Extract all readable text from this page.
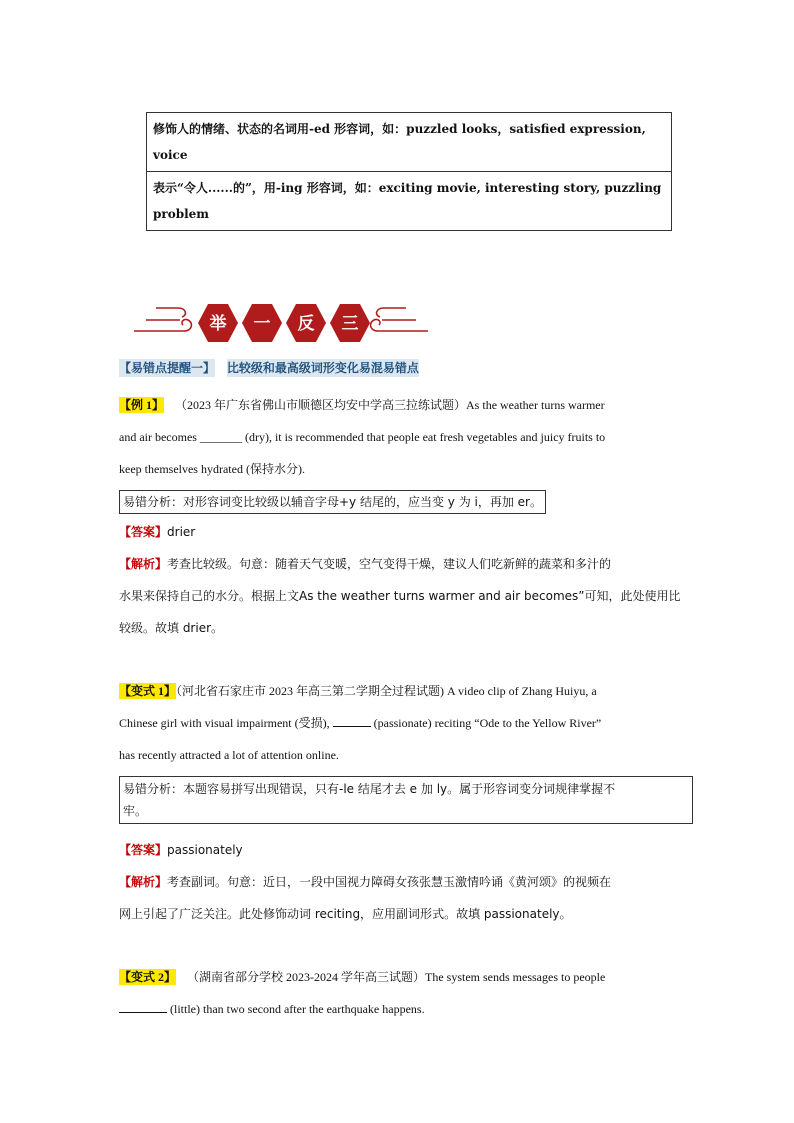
修饰人的情绪、状态的名词用-ed 形容词，如：puzzled looks，satisfied expression,
voice

表示“令人......的”，用-ing 形容词，如：exciting movie, interesting story, puzzling
problem
举 一 反 三
【易错点提醒一】 比较级和最高级词形变化易混易错点
【例 1】 （2023 年广东省佛山市顺德区均安中学高三拉练试题）As the weather turns warmer
and air becomes _______ (dry), it is recommended that people eat fresh vegetables and juicy fruits to
keep themselves hydrated (保持水分).
易错分析：对形容词变比较级以辅音字母+y 结尾的，应当变 y 为 i，再加 er。
【答案】drier
【解析】考查比较级。句意：随着天气变暖，空气变得干燥，建议人们吃新鲜的蔬菜和多汁的
水果来保持自己的水分。根据上文As the weather turns warmer and air becomes”可知，此处使用比
较级。故填 drier。
【变式 1】（河北省石家庄市 2023 年高三第二学期全过程试题) A video clip of Zhang Huiyu, a
Chinese girl with visual impairment (受损),	(passionate) reciting “Ode to the Yellow River”
has recently attracted a lot of attention online.
易错分析：本题容易拼写出现错误，只有-le 结尾才去 e 加 ly。属于形容词变分词规律掌握不
牢。
【答案】passionately
【解析】考查副词。句意：近日，一段中国视力障碍女孩张慧玉激情吟诵《黄河颂》的视频在
网上引起了广泛关注。此处修饰动词 reciting，应用副词形式。故填 passionately。
【变式 2】 （湖南省部分学校 2023-2024 学年高三试题）The system sends messages to people
(little) than two second after the earthquake happens.
